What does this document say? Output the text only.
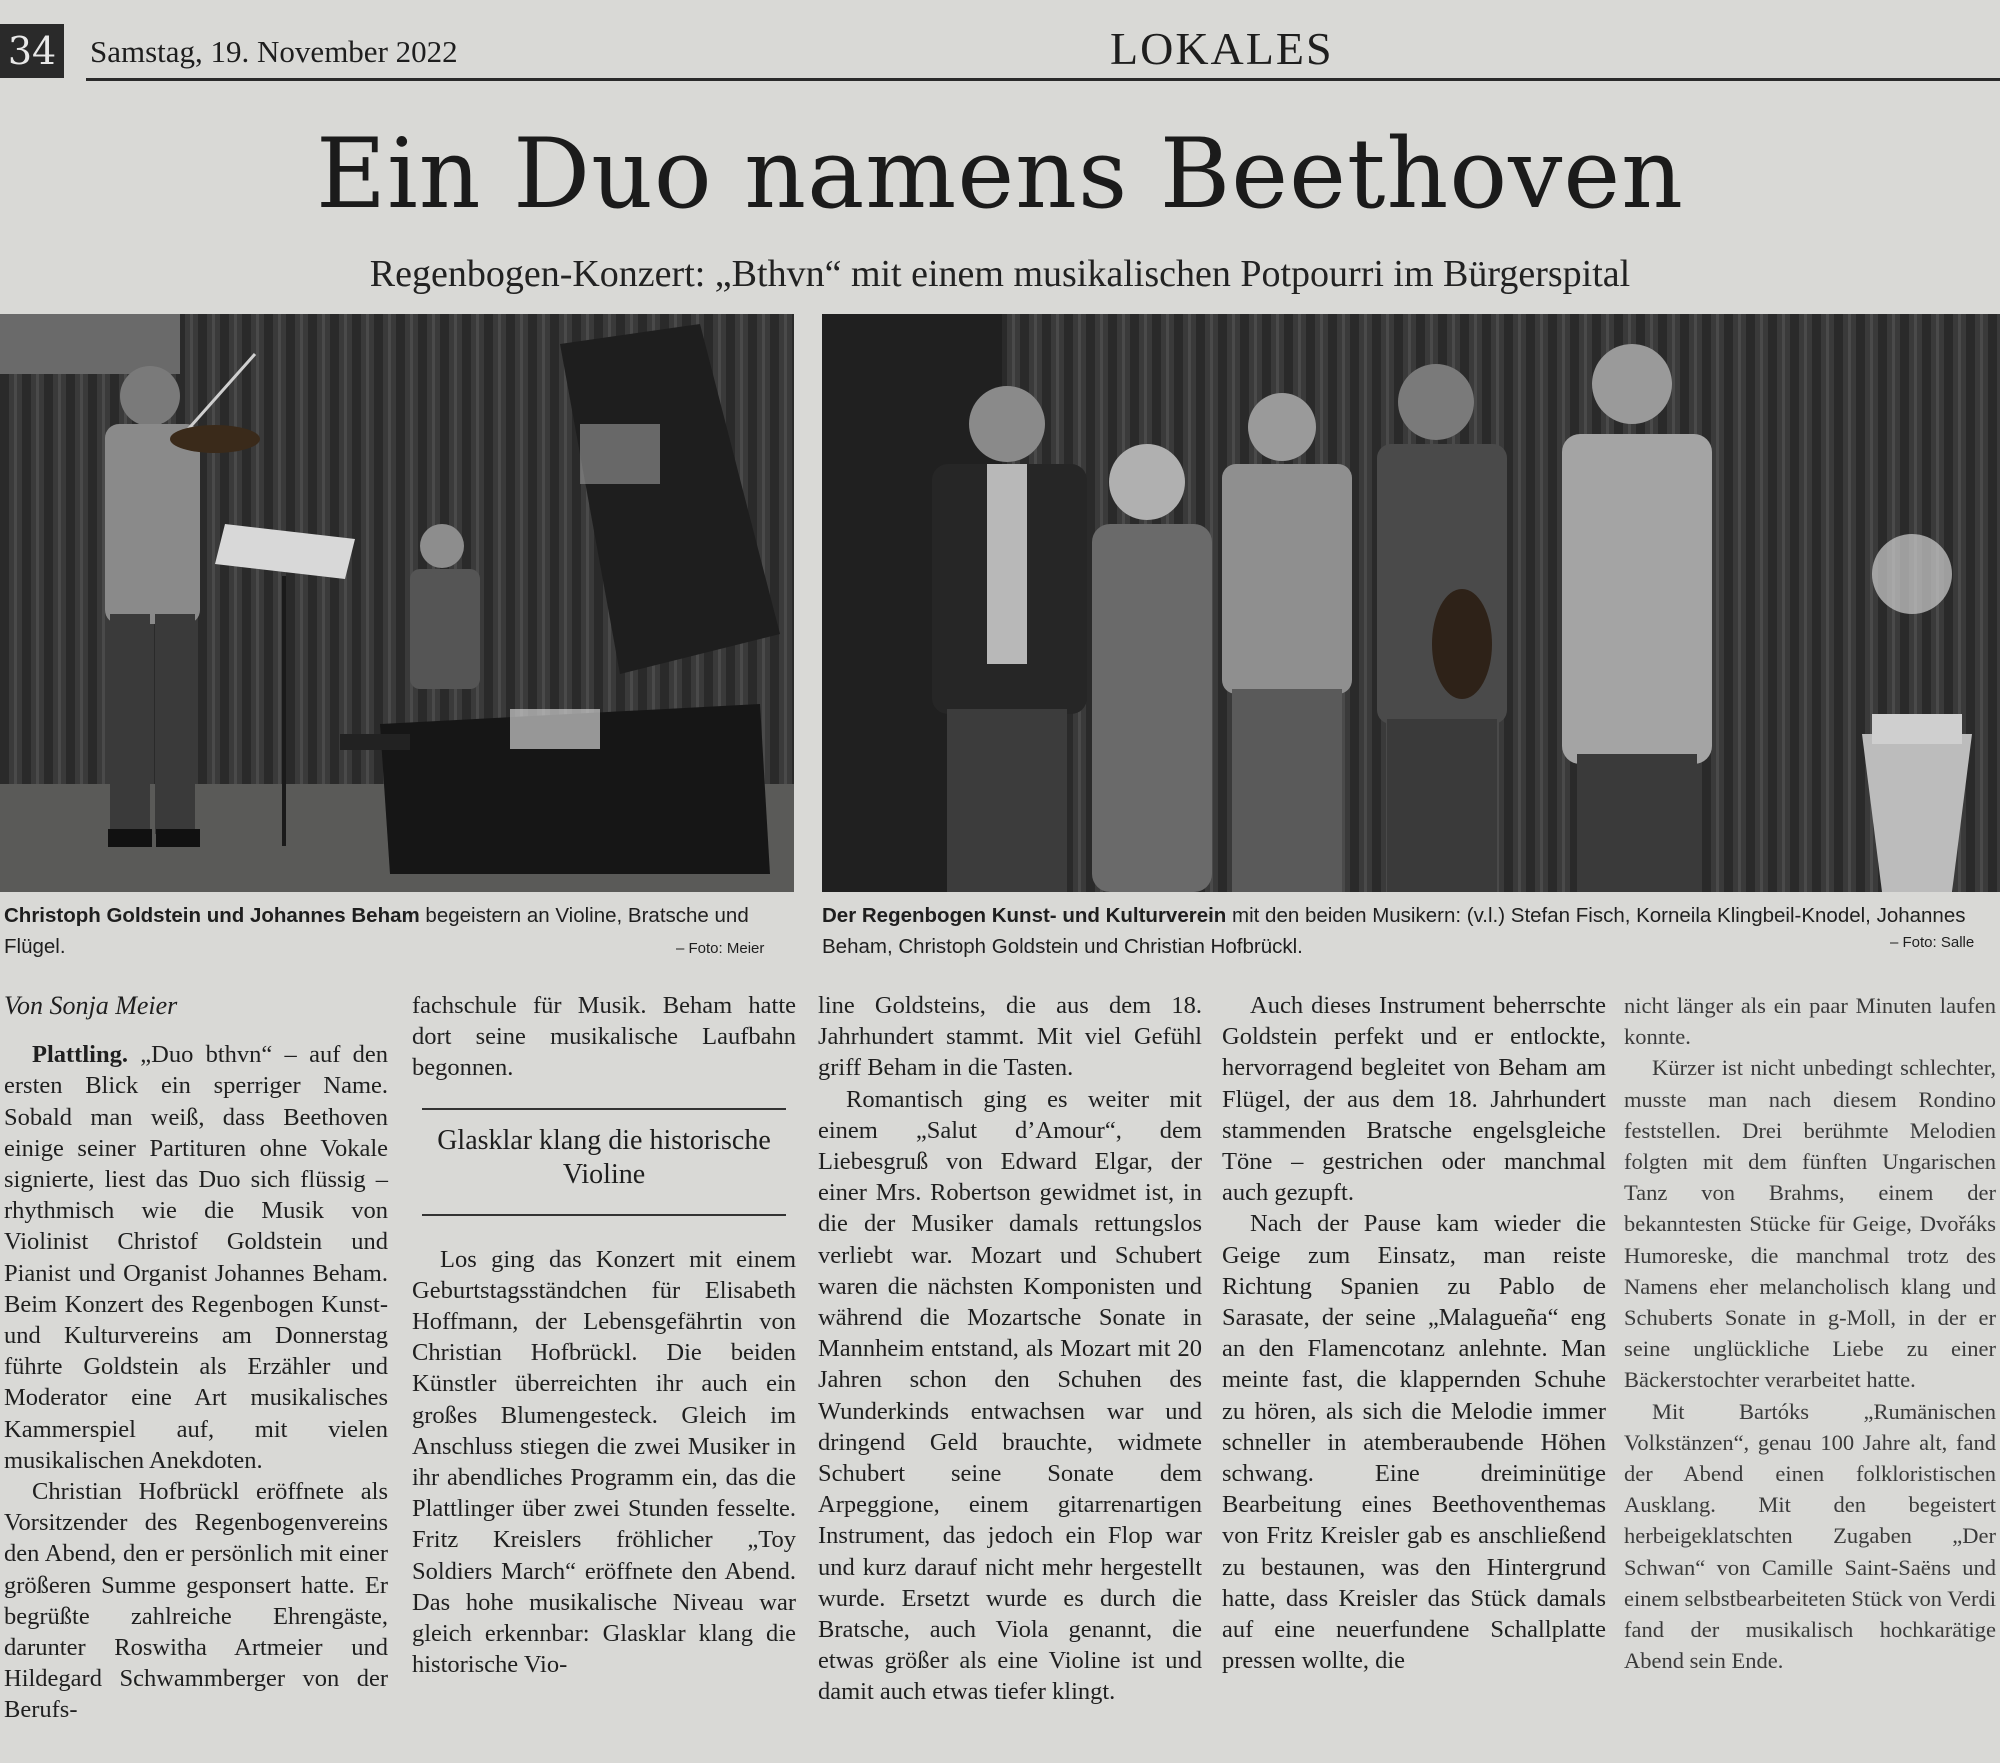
34 Samstag, 19. November 2022	LOKALES
Ein Duo namens Beethoven
Regenbogen-Konzert: „Bthvn“ mit einem musikalischen Potpourri im Bürgerspital
Christoph Goldstein und Johannes Beham begeistern an Violine, Bratsche und Flügel.	– Foto: Meier
Der Regenbogen Kunst- und Kulturverein mit den beiden Musikern: (v.l.) Stefan Fisch, Korneila Klingbeil-Knodel, Johannes Beham, Christoph Goldstein und Christian Hofbrückl.	– Foto: Salle
Von Sonja Meier

Plattling. „Duo bthvn“ – auf den ersten Blick ein sperriger Name. Sobald man weiß, dass Beethoven einige seiner Partituren ohne Vokale signierte, liest das Duo sich flüssig – rhythmisch wie die Musik von Violinist Christof Goldstein und Pianist und Organist Johannes Beham. Beim Konzert des Regenbogen Kunst- und Kulturvereins am Donnerstag führte Goldstein als Erzähler und Moderator eine Art musikalisches Kammerspiel auf, mit vielen musikalischen Anekdoten.

Christian Hofbrückl eröffnete als Vorsitzender des Regenbogenvereins den Abend, den er persönlich mit einer größeren Summe gesponsert hatte. Er begrüßte zahlreiche Ehrengäste, darunter Roswitha Artmeier und Hildegard Schwammberger von der Berufs-

fachschule für Musik. Beham hatte dort seine musikalische Laufbahn begonnen.

Glasklar klang die historische Violine

Los ging das Konzert mit einem Geburtstagsständchen für Elisabeth Hoffmann, der Lebensgefährtin von Christian Hofbrückl. Die beiden Künstler überreichten ihr auch ein großes Blumengesteck. Gleich im Anschluss stiegen die zwei Musiker in ihr abendliches Programm ein, das die Plattlinger über zwei Stunden fesselte. Fritz Kreislers fröhlicher „Toy Soldiers March“ eröffnete den Abend. Das hohe musikalische Niveau war gleich erkennbar: Glasklar klang die historische Vio-

line Goldsteins, die aus dem 18. Jahrhundert stammt. Mit viel Gefühl griff Beham in die Tasten.

Romantisch ging es weiter mit einem „Salut d’Amour“, dem Liebesgruß von Edward Elgar, der einer Mrs. Robertson gewidmet ist, in die der Musiker damals rettungslos verliebt war. Mozart und Schubert waren die nächsten Komponisten und während die Mozartsche Sonate in Mannheim entstand, als Mozart mit 20 Jahren schon den Schuhen des Wunderkinds entwachsen war und dringend Geld brauchte, widmete Schubert seine Sonate dem Arpeggione, einem gitarrenartigen Instrument, das jedoch ein Flop war und kurz darauf nicht mehr hergestellt wurde. Ersetzt wurde es durch die Bratsche, auch Viola genannt, die etwas größer als eine Violine ist und damit auch etwas tiefer klingt.

Auch dieses Instrument beherrschte Goldstein perfekt und er entlockte, hervorragend begleitet von Beham am Flügel, der aus dem 18. Jahrhundert stammenden Bratsche engelsgleiche Töne – gestrichen oder manchmal auch gezupft.

Nach der Pause kam wieder die Geige zum Einsatz, man reiste Richtung Spanien zu Pablo de Sarasate, der seine „Malagueña“ eng an den Flamencotanz anlehnte. Man meinte fast, die klappernden Schuhe zu hören, als sich die Melodie immer schneller in atemberaubende Höhen schwang. Eine dreiminütige Bearbeitung eines Beethoventhemas von Fritz Kreisler gab es anschließend zu bestaunen, was den Hintergrund hatte, dass Kreisler das Stück damals auf eine neuerfundene Schallplatte pressen wollte, die

nicht länger als ein paar Minuten laufen konnte.

Kürzer ist nicht unbedingt schlechter, musste man nach diesem Rondino feststellen. Drei berühmte Melodien folgten mit dem fünften Ungarischen Tanz von Brahms, einem der bekanntesten Stücke für Geige, Dvořáks Humoreske, die manchmal trotz des Namens eher melancholisch klang und Schuberts Sonate in g-Moll, in der er seine unglückliche Liebe zu einer Bäckerstochter verarbeitet hatte.

Mit Bartóks „Rumänischen Volkstänzen“, genau 100 Jahre alt, fand der Abend einen folkloristischen Ausklang. Mit den begeistert herbeigeklatschten Zugaben „Der Schwan“ von Camille Saint-Saëns und einem selbstbearbeiteten Stück von Verdi fand der musikalisch hochkarätige Abend sein Ende.
